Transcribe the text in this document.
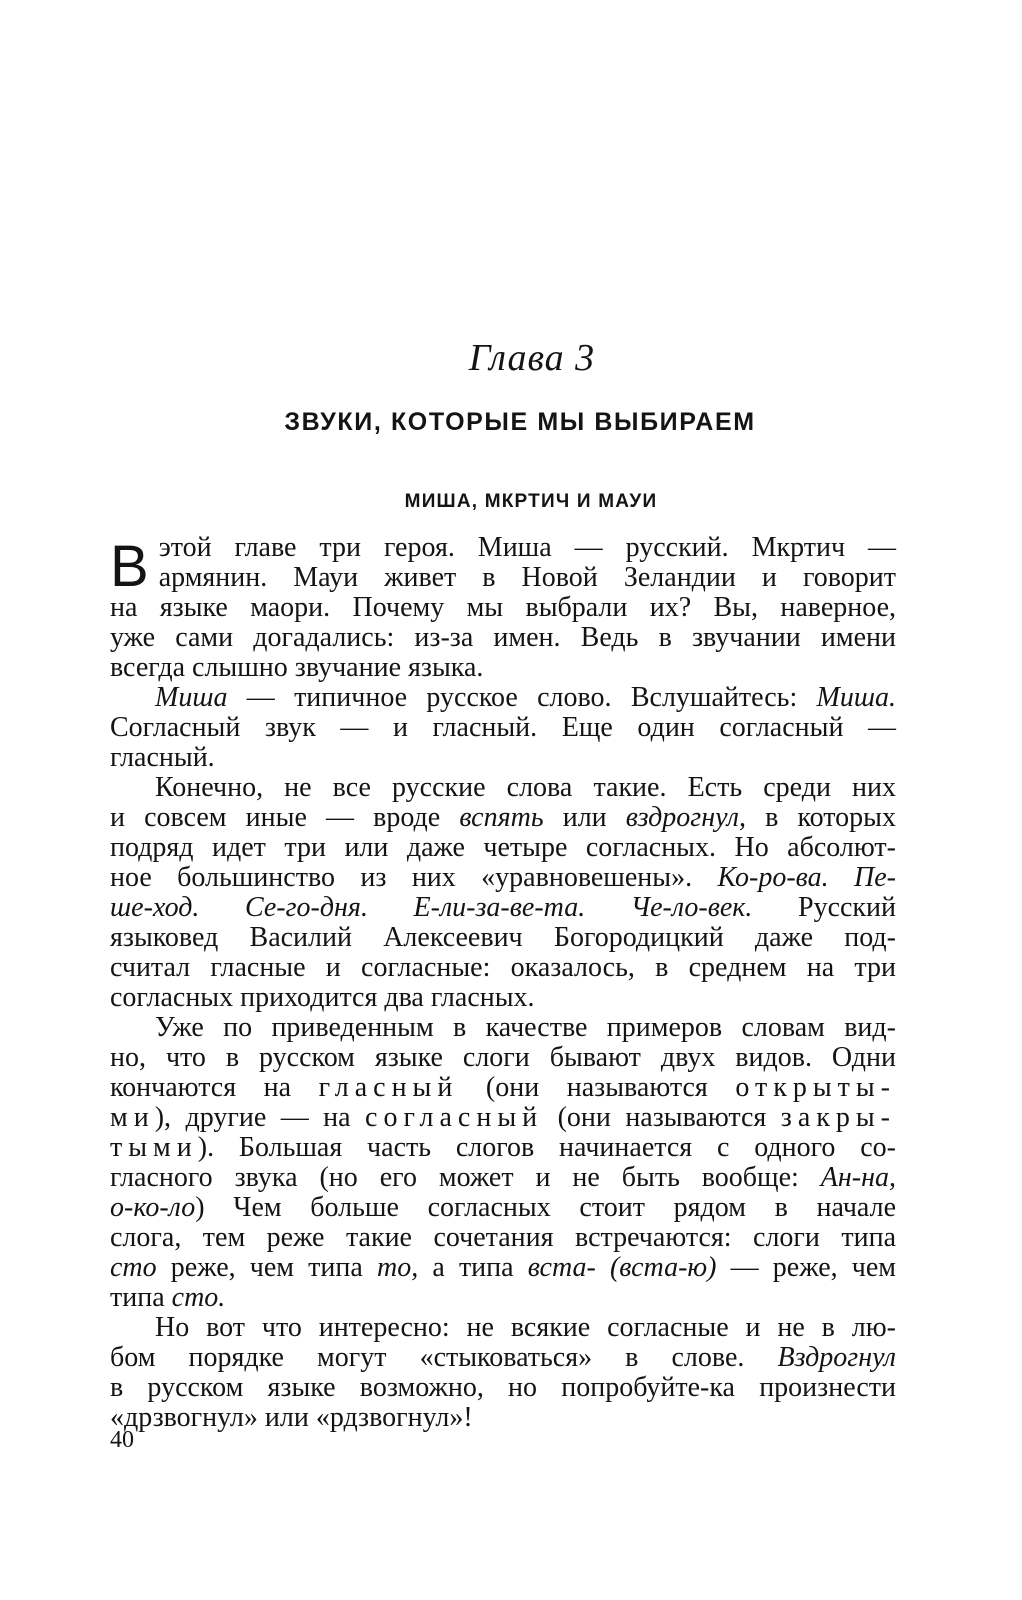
Глава 3
ЗВУКИ, КОТОРЫЕ МЫ ВЫБИРАЕМ
МИША, МКРТИЧ И МАУИ
В этой главе три героя. Миша — русский. Мкртич —
армянин. Мауи живет в Новой Зеландии и говорит
на языке маори. Почему мы выбрали их? Вы, наверное,
уже сами догадались: из-за имен. Ведь в звучании имени
всегда слышно звучание языка.
Миша — типичное русское слово. Вслушайтесь: Миша.
Согласный звук — и гласный. Еще один согласный —
гласный.
Конечно, не все русские слова такие. Есть среди них
и совсем иные — вроде вспять или вздрогнул, в которых
подряд идет три или даже четыре согласных. Но абсолют-
ное большинство из них «уравновешены». Ко-ро-ва. Пе-
ше-ход. Се-го-дня. Е-ли-за-ве-та. Че-ло-век. Русский
языковед Василий Алексеевич Богородицкий даже под-
считал гласные и согласные: оказалось, в среднем на три
согласных приходится два гласных.
Уже по приведенным в качестве примеров словам вид-
но, что в русском языке слоги бывают двух видов. Одни
кончаются на гласный (они называются открыты-
ми), другие — на согласный (они называются закры-
тыми). Большая часть слогов начинается с одного со-
гласного звука (но его может и не быть вообще: Ан-на,
о-ко-ло) Чем больше согласных стоит рядом в начале
слога, тем реже такие сочетания встречаются: слоги типа
сто реже, чем типа то, а типа вста- (вста-ю) — реже, чем
типа сто.
Но вот что интересно: не всякие согласные и не в лю-
бом порядке могут «стыковаться» в слове. Вздрогнул
в русском языке возможно, но попробуйте-ка произнести
«дрзвогнул» или «рдзвогнул»!
40
